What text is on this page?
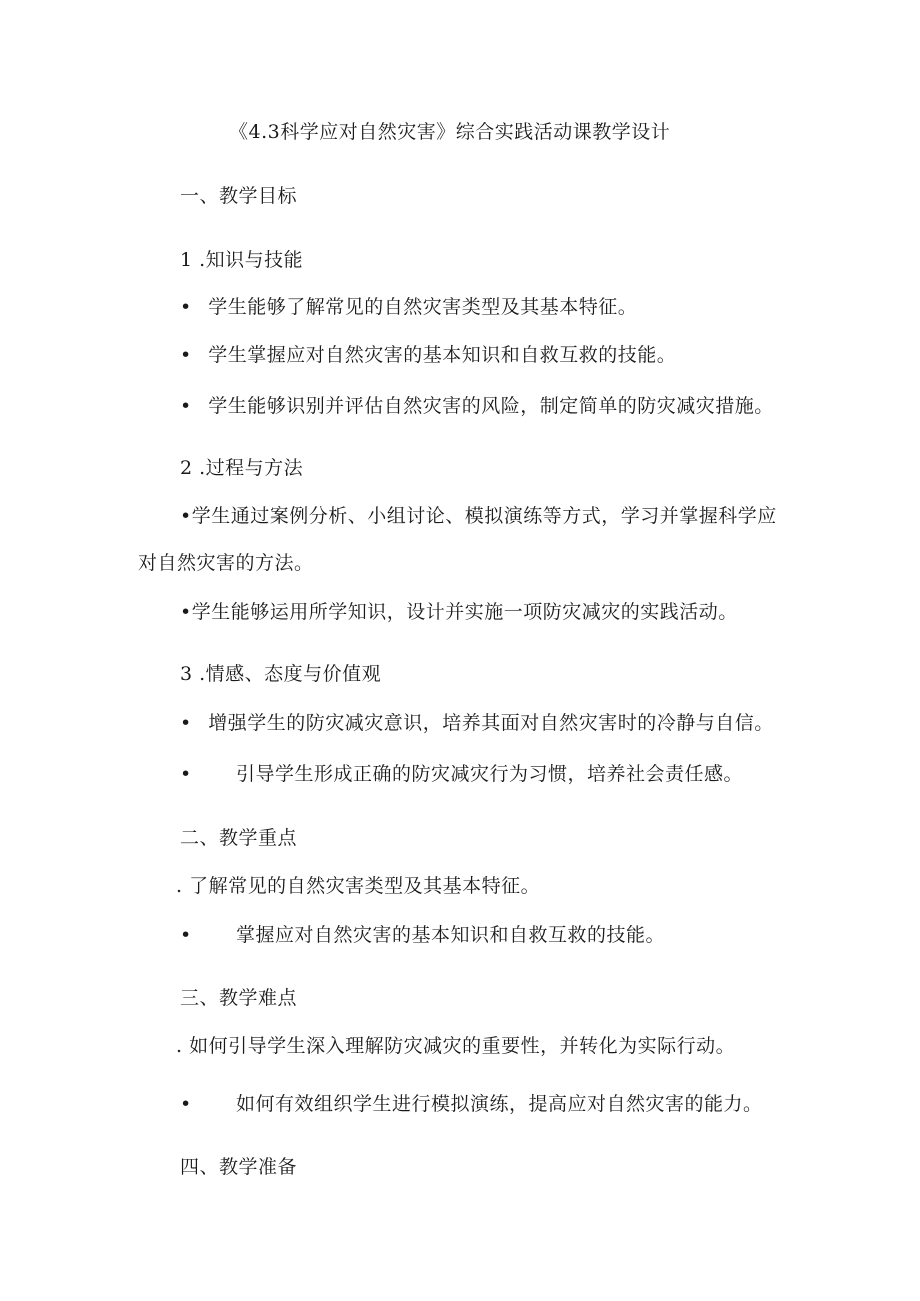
《4.3科学应对自然灾害》综合实践活动课教学设计
一、教学目标
1 .知识与技能
• 学生能够了解常见的自然灾害类型及其基本特征。
• 学生掌握应对自然灾害的基本知识和自救互救的技能。
• 学生能够识别并评估自然灾害的风险，制定简单的防灾减灾措施。
2 .过程与方法
•学生通过案例分析、小组讨论、模拟演练等方式，学习并掌握科学应
对自然灾害的方法。
•学生能够运用所学知识，设计并实施一项防灾减灾的实践活动。
3 .情感、态度与价值观
• 增强学生的防灾减灾意识，培养其面对自然灾害时的冷静与自信。
• 引导学生形成正确的防灾减灾行为习惯，培养社会责任感。
二、教学重点
. 了解常见的自然灾害类型及其基本特征。
• 掌握应对自然灾害的基本知识和自救互救的技能。
三、教学难点
. 如何引导学生深入理解防灾减灾的重要性，并转化为实际行动。
• 如何有效组织学生进行模拟演练，提高应对自然灾害的能力。
四、教学准备
